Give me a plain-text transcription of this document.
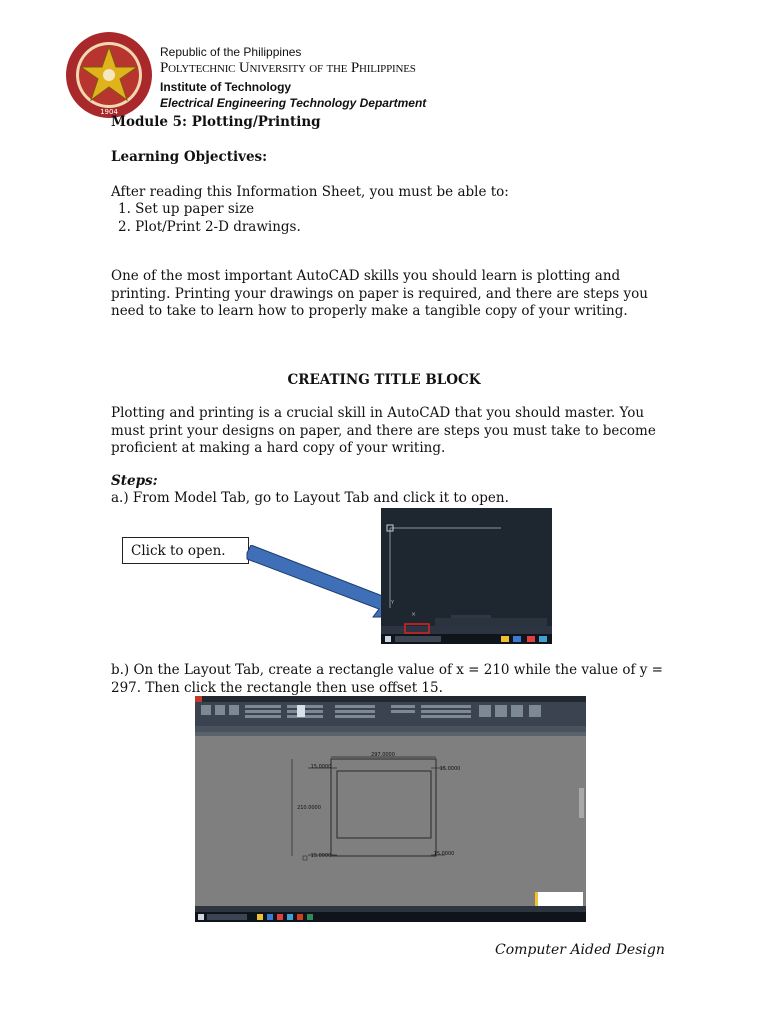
1904
Republic of the Philippines
Polytechnic University of the Philippines
Institute of Technology
Electrical Engineering Technology Department
Module 5: Plotting/Printing
Learning Objectives:
After reading this Information Sheet, you must be able to:
1. Set up paper size
2. Plot/Print 2-D drawings.
One of the most important AutoCAD skills you should learn is plotting and printing. Printing your drawings on paper is required, and there are steps you need to take to learn how to properly make a tangible copy of your writing.
CREATING TITLE BLOCK
Plotting and printing is a crucial skill in AutoCAD that you should master. You must print your designs on paper, and there are steps you must take to become proficient at making a hard copy of your writing.
Steps:
a.) From Model Tab, go to Layout Tab and click it to open.
Click to open.
Y
×
b.) On the Layout Tab, create a rectangle value of x = 210 while the value of y = 297. Then click the rectangle then use offset 15.
297.0000
210.0000
15.0000	15.0000
15.0000	15.0000
Computer Aided Design
